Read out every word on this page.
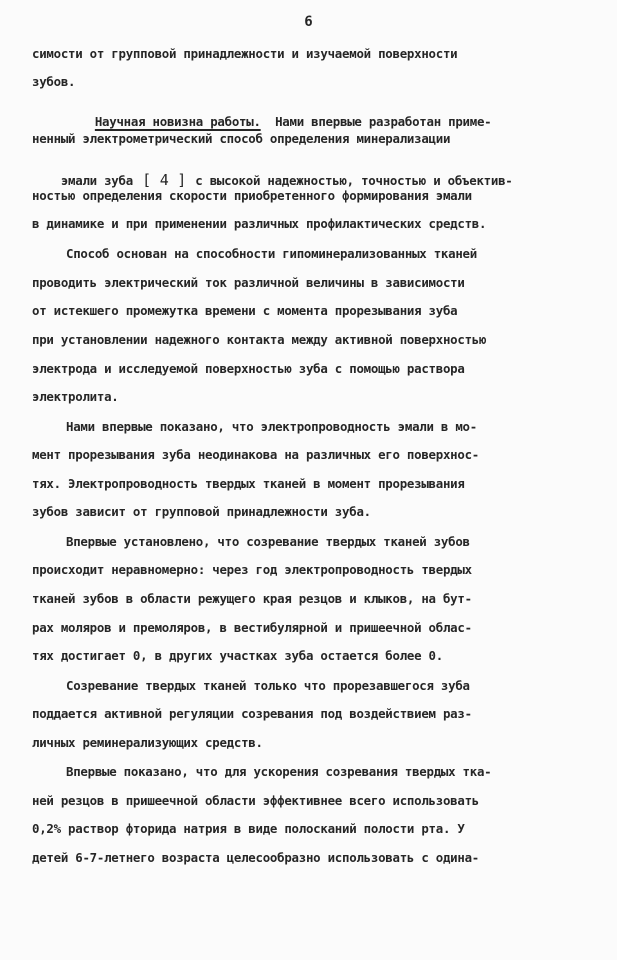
6
симости от групповой принадлежности и изучаемой поверхности
зубов.

Научная новизна работы.  Нами впервые разработан приме-

ненный электрометрический способ определения минерализации

эмали зуба [ 4 ] с высокой надежностью, точностью и объектив-

ностью определения скорости приобретенного формирования эмали
в динамике и при применении различных профилактических средств.
Способ основан на способности гипоминерализованных тканей
проводить электрический ток различной величины в зависимости
от истекшего промежутка времени с момента прорезывания зуба
при установлении надежного контакта между активной поверхностью
электрода и исследуемой поверхностью зуба с помощью раствора
электролита.
Нами впервые показано, что электропроводность эмали в мо-
мент прорезывания зуба неодинакова на различных его поверхнос-
тях. Электропроводность твердых тканей в момент прорезывания
зубов зависит от групповой принадлежности зуба.
Впервые установлено, что созревание твердых тканей зубов
происходит неравномерно: через год электропроводность твердых
тканей зубов в области режущего края резцов и клыков, на бут-
рах моляров и премоляров, в вестибулярной и пришеечной облас-
тях достигает 0, в других участках зуба остается более 0.
Созревание твердых тканей только что прорезавшегося зуба
поддается активной регуляции созревания под воздействием раз-
личных реминерализующих средств.
Впервые показано, что для ускорения созревания твердых тка-
ней резцов в пришеечной области эффективнее всего использовать
0,2% раствор фторида натрия в виде полосканий полости рта. У
детей 6-7-летнего возраста целесообразно использовать с одина-
